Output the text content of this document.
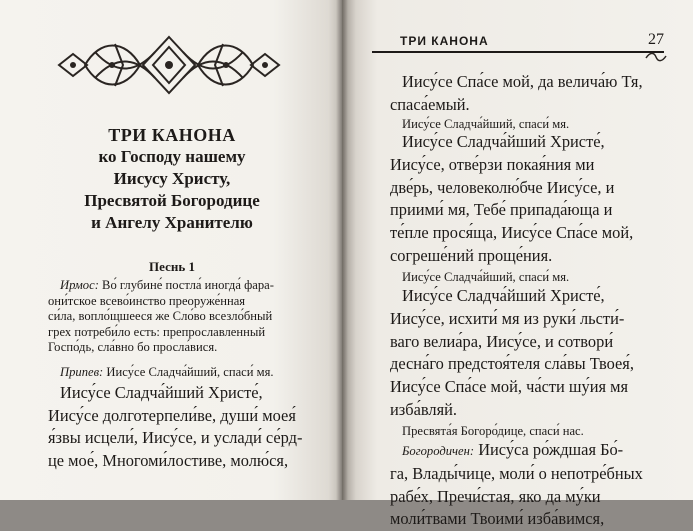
ТРИ КАНОНА
ко Господу нашему
Иисусу Христу,
Пресвятой Богородице
и Ангелу Хранителю
Песнь 1
Ирмос: Во́ глубине́ постла́ иногда́ фара-
они́тское всево́инство преоруже́нная
си́ла, вопло́щшееся же Сло́во всезло́бный
грех потреби́ло есть: препрославленный
Госпо́дь, сла́вно бо просла́вися.
Припев: Иису́се Сладча́йший, спаси́ мя.
Иису́се Сладча́йший Христе́,
Иису́се долготерпели́ве, души́ моея́
я́звы исцели́, Иису́се, и услади́ се́рд-
це мое́, Многоми́лостиве, молю́ся,
ТРИ КАНОНА	27
Иису́се Спа́се мой, да велича́ю Тя,
спаса́емый.
Иису́се Сладча́йший, спаси́ мя.
Иису́се Сладча́йший Христе́,
Иису́се, отве́рзи покая́ния ми
две́рь, человеколю́бче Иису́се, и
приими́ мя, Тебе́ припада́юща и
те́пле прося́ща, Иису́се Спа́се мой,
согреше́ний проще́ния.
Иису́се Сладча́йший, спаси́ мя.
Иису́се Сладча́йший Христе́,
Иису́се, исхити́ мя из руки́ льсти́-
ваго велиа́ра, Иису́се, и сотвори́
десна́го предстоя́теля сла́вы Твоея́,
Иису́се Спа́се мой, ча́сти шу́ия мя
изба́вляй.
Пресвята́я Богоро́дице, спаси́ нас.
Богородичен: Иису́са ро́ждшая Бо́-
га, Влады́чице, моли́ о непотре́бных
рабе́х, Пречи́стая, яко да му́ки
моли́твами Твоими́ изба́вимся,
